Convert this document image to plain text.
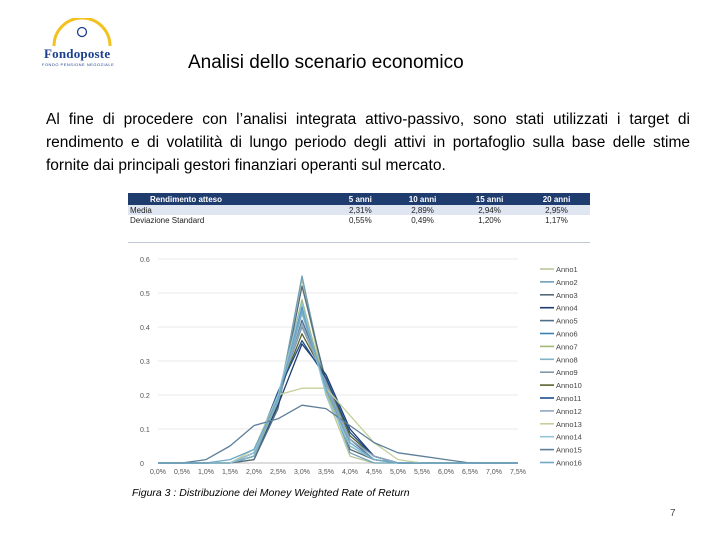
Fondoposte
FONDO PENSIONE NEGOZIALE	Analisi dello scenario economico
Al fine di procedere con l’analisi integrata attivo-passivo, sono stati utilizzati i target di rendimento e di volatilità di lungo periodo degli attivi in portafoglio sulla base delle stime fornite dai principali gestori finanziari operanti sul mercato.
Rendimento atteso	5 anni	10 anni	15 anni	20 anni
Media	2,31%	2,89%	2,94%	2,95%
Deviazione Standard	0,55%	0,49%	1,20%	1,17%
0
0.1
0.2
0.3
0.4
0.5
0.6
0,0% 0,5% 1,0% 1,5% 2,0% 2,5% 3,0% 3,5% 4,0% 4,5% 5,0% 5,5% 6,0% 6,5% 7,0% 7,5%
Anno1
Anno2
Anno3
Anno4
Anno5
Anno6
Anno7
Anno8
Anno9
Anno10
Anno11
Anno12
Anno13
Anno14
Anno15
Anno16
Figura 3 : Distribuzione dei Money Weighted Rate of Return
7
